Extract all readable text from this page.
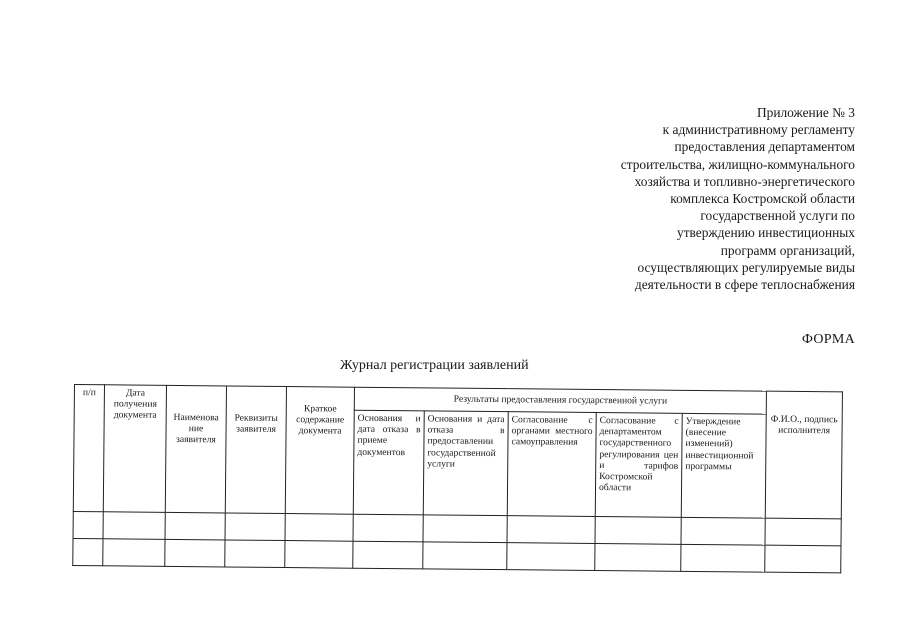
Приложение № 3
к административному регламенту
предоставления департаментом
строительства, жилищно-коммунального
хозяйства и топливно-энергетического
комплекса Костромской области
государственной услуги по
утверждению инвестиционных
программ организаций,
осуществляющих регулируемые виды
деятельности в сфере теплоснабжения
ФОРМА
Журнал регистрации заявлений
п/п	Дата получения документа	Наименова ние заявителя	Реквизиты заявителя	Краткое содержание документа	Результаты предоставления государственной услуги					Ф.И.О., подпись исполнителя
					Основания и дата отказа в приеме документов	Основания и дата отказа в предоставлении государственной услуги	Согласование с органами местного самоуправления	Согласование с департаментом государственного регулирования цен и тарифов Костромской области	Утверждение (внесение изменений) инвестиционной программы	
